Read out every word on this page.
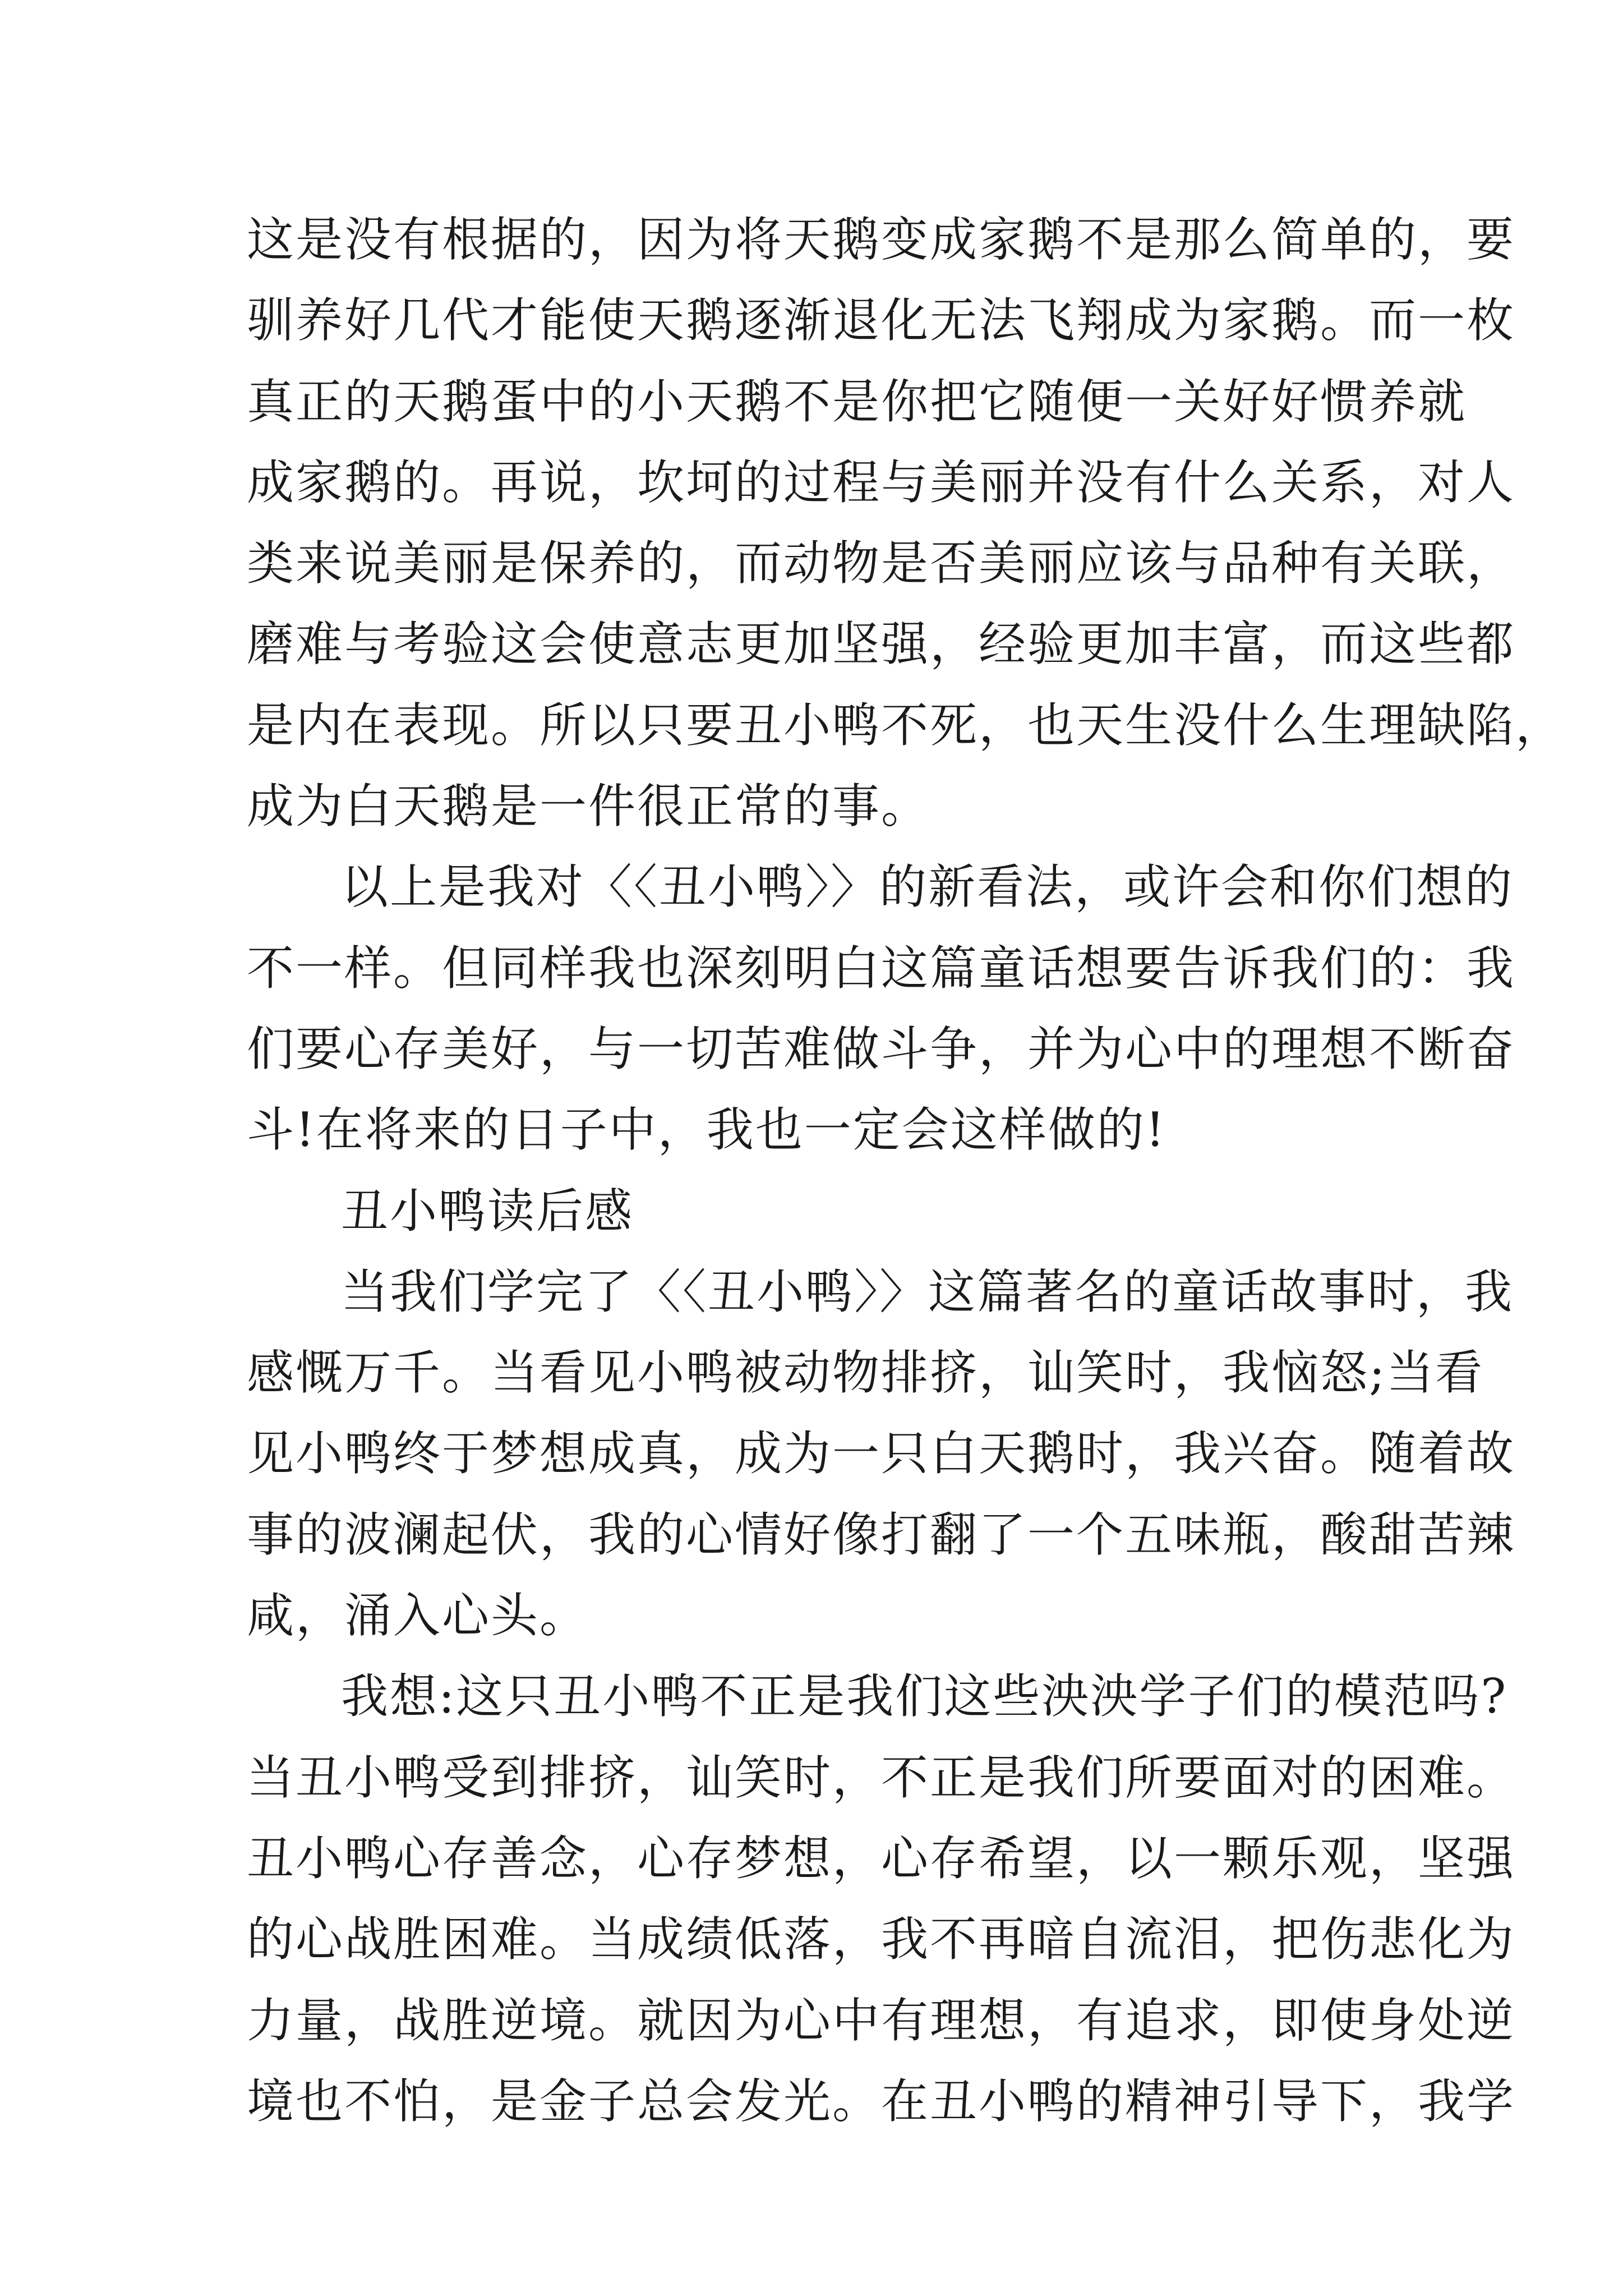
这是没有根据的，因为将天鹅变成家鹅不是那么简单的，要
驯养好几代才能使天鹅逐渐退化无法飞翔成为家鹅。而一枚
真正的天鹅蛋中的小天鹅不是你把它随便一关好好惯养就
成家鹅的。再说，坎坷的过程与美丽并没有什么关系，对人
类来说美丽是保养的，而动物是否美丽应该与品种有关联，
磨难与考验这会使意志更加坚强，经验更加丰富，而这些都
是内在表现。所以只要丑小鸭不死，也天生没什么生理缺陷，
成为白天鹅是一件很正常的事。
以上是我对〈〈丑小鸭〉〉的新看法，或许会和你们想的
不一样。但同样我也深刻明白这篇童话想要告诉我们的：我
们要心存美好，与一切苦难做斗争，并为心中的理想不断奋
斗!在将来的日子中，我也一定会这样做的!
丑小鸭读后感
当我们学完了〈〈丑小鸭〉〉这篇著名的童话故事时，我
感慨万千。当看见小鸭被动物排挤，讪笑时，我恼怒;当看
见小鸭终于梦想成真，成为一只白天鹅时，我兴奋。随着故
事的波澜起伏，我的心情好像打翻了一个五味瓶，酸甜苦辣
咸，涌入心头。
我想:这只丑小鸭不正是我们这些泱泱学子们的模范吗?
当丑小鸭受到排挤，讪笑时，不正是我们所要面对的困难。
丑小鸭心存善念，心存梦想，心存希望，以一颗乐观，坚强
的心战胜困难。当成绩低落，我不再暗自流泪，把伤悲化为
力量，战胜逆境。就因为心中有理想，有追求，即使身处逆
境也不怕，是金子总会发光。在丑小鸭的精神引导下，我学
